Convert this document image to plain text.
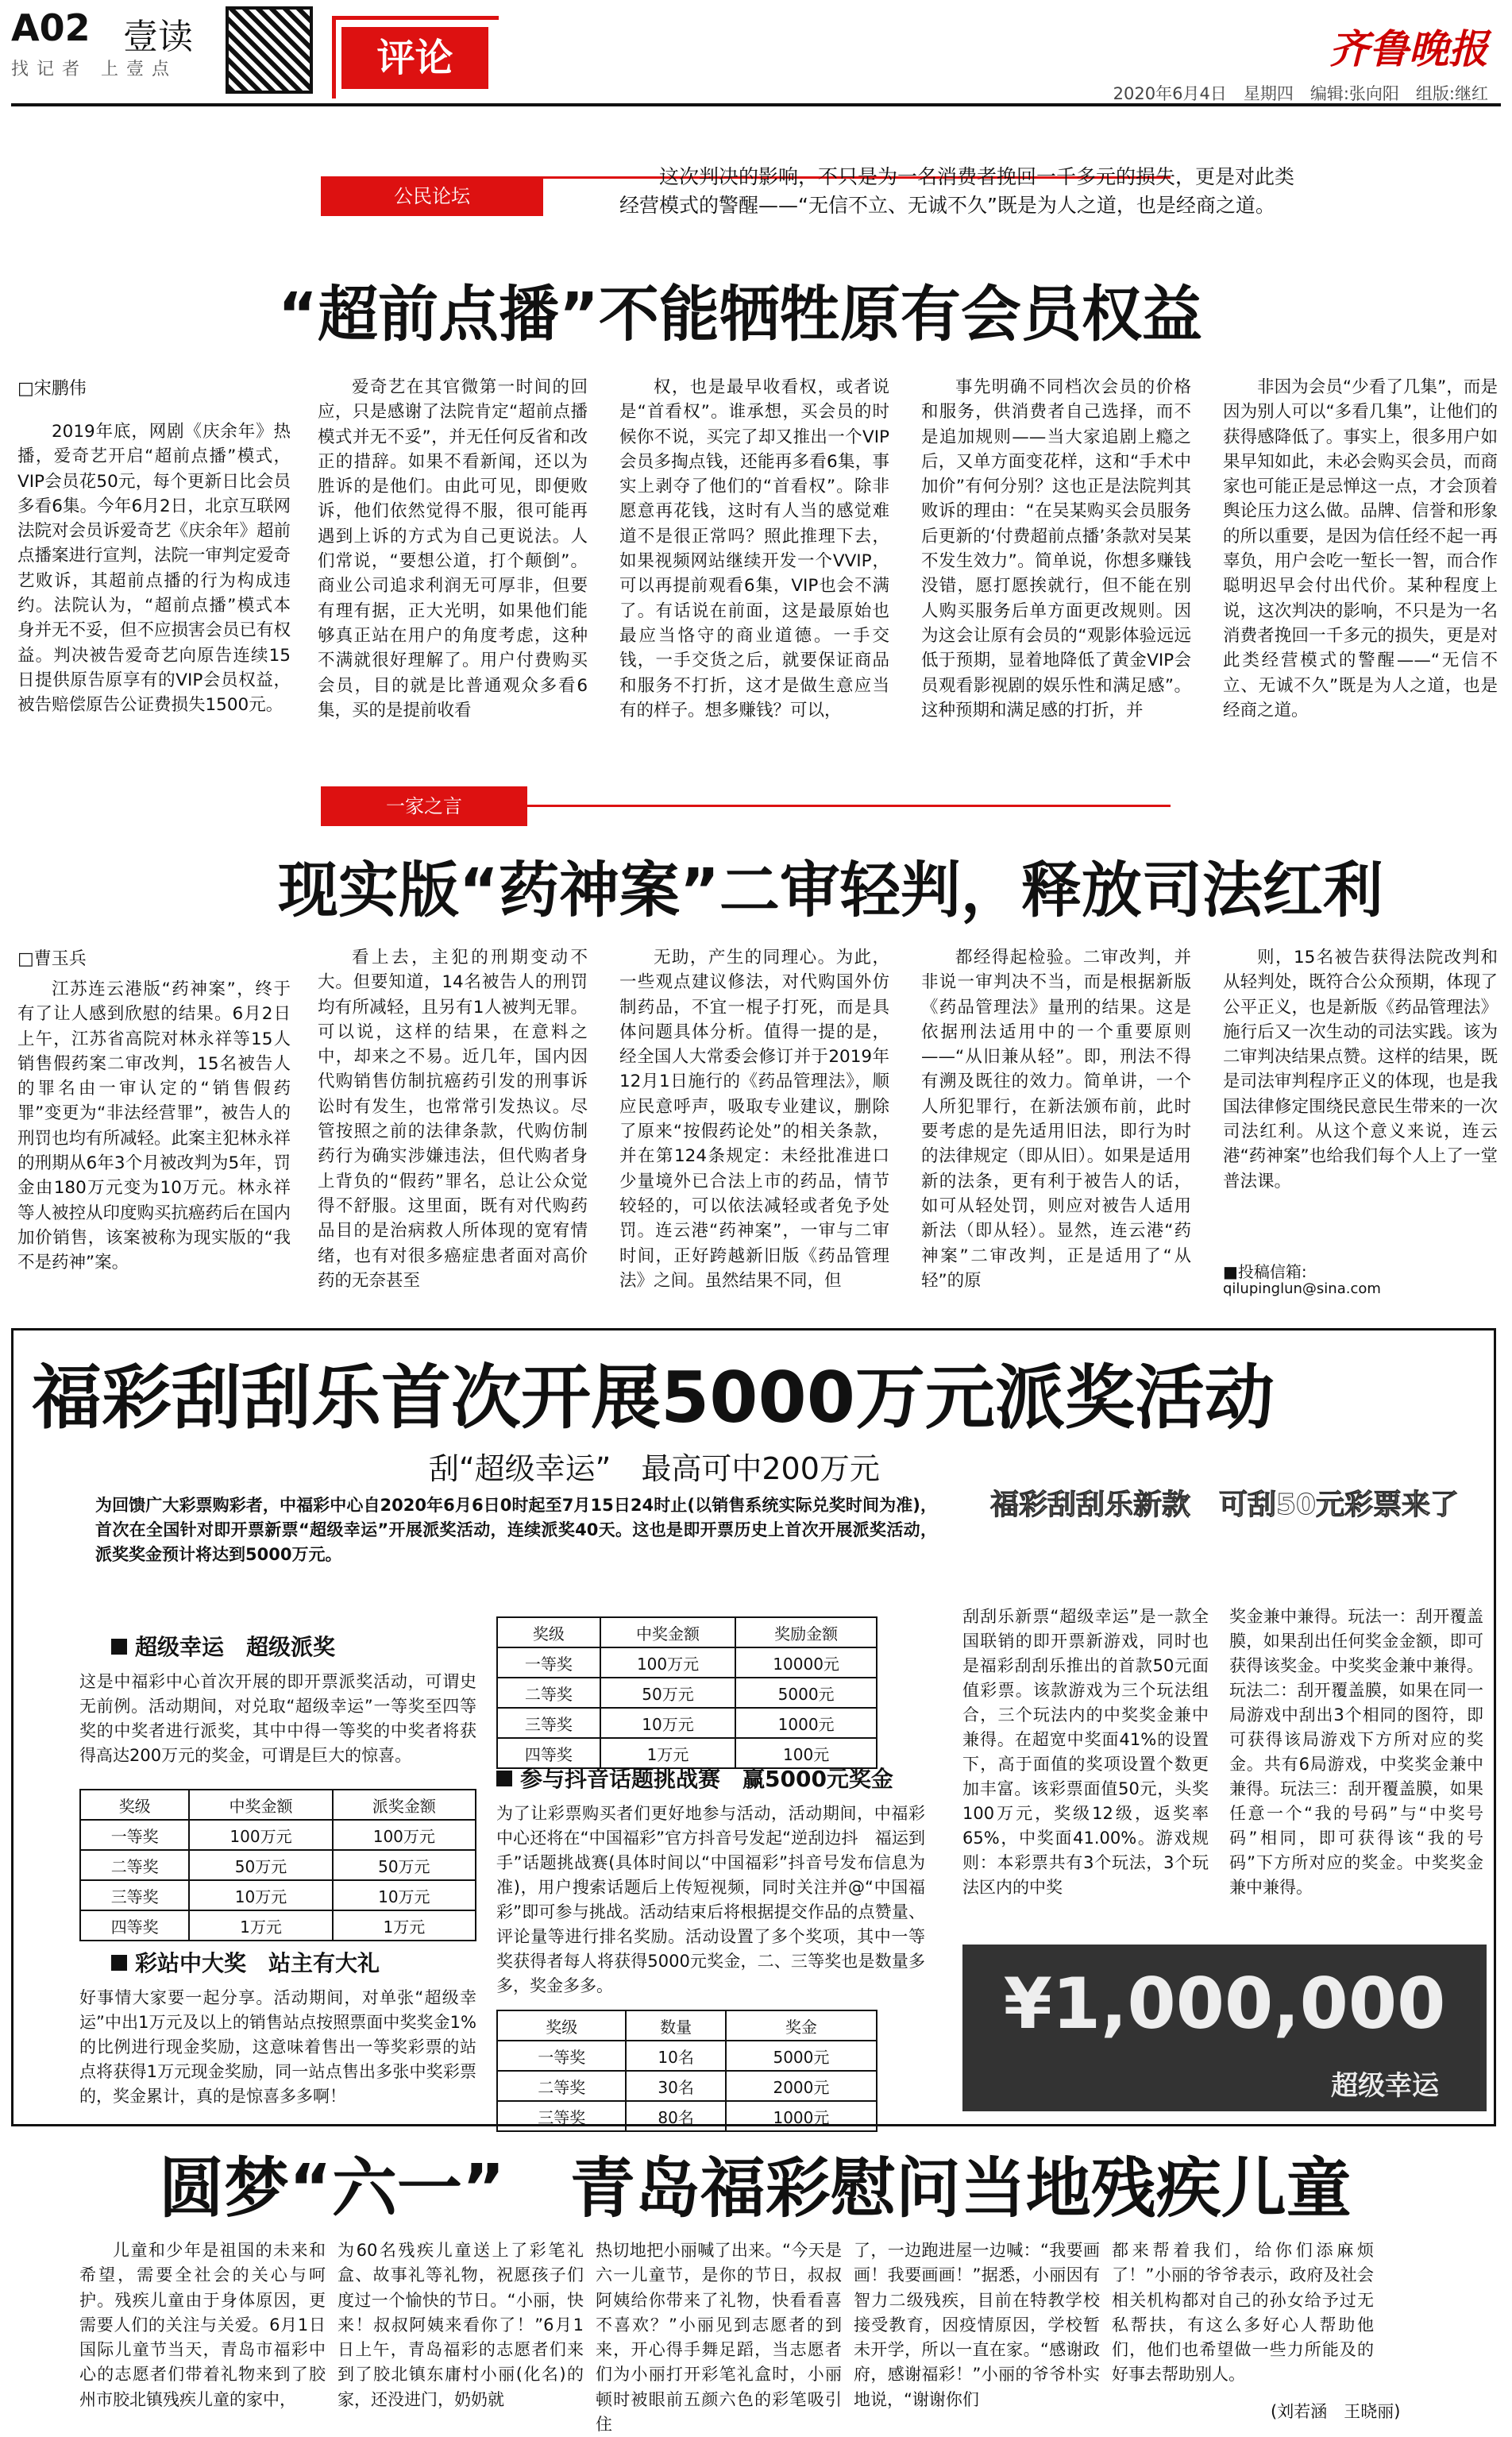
A02 壹读
找记者 上壹点	评论	齐鲁晚报
2020年6月4日　星期四　编辑:张向阳　组版:继红
公民论坛
这次判决的影响，不只是为一名消费者挽回一千多元的损失，更是对此类
经营模式的警醒——“无信不立、无诚不久”既是为人之道，也是经商之道。
“超前点播”不能牺牲原有会员权益
□宋鹏伟

2019年底，网剧《庆余年》热播，爱奇艺开启“超前点播”模式，VIP会员花50元，每个更新日比会员多看6集。今年6月2日，北京互联网法院对会员诉爱奇艺《庆余年》超前点播案进行宣判，法院一审判定爱奇艺败诉，其超前点播的行为构成违约。法院认为，“超前点播”模式本身并无不妥，但不应损害会员已有权益。判决被告爱奇艺向原告连续15日提供原告原享有的VIP会员权益，被告赔偿原告公证费损失1500元。

爱奇艺在其官微第一时间的回应，只是感谢了法院肯定“超前点播模式并无不妥”，并无任何反省和改正的措辞。如果不看新闻，还以为胜诉的是他们。由此可见，即便败诉，他们依然觉得不服，很可能再遇到上诉的方式为自己更说法。人们常说，“要想公道，打个颠倒”。商业公司追求利润无可厚非，但要有理有据，正大光明，如果他们能够真正站在用户的角度考虑，这种不满就很好理解了。用户付费购买会员，目的就是比普通观众多看6集，买的是提前收看

权，也是最早收看权，或者说是“首看权”。谁承想，买会员的时候你不说，买完了却又推出一个VIP会员多掏点钱，还能再多看6集，事实上剥夺了他们的“首看权”。除非愿意再花钱，这时有人当的感觉难道不是很正常吗？照此推理下去，如果视频网站继续开发一个VVIP，可以再提前观看6集，VIP也会不满了。有话说在前面，这是最原始也最应当恪守的商业道德。一手交钱，一手交货之后，就要保证商品和服务不打折，这才是做生意应当有的样子。想多赚钱？可以，

事先明确不同档次会员的价格和服务，供消费者自己选择，而不是追加规则——当大家追剧上瘾之后，又单方面变花样，这和“手术中加价”有何分别？这也正是法院判其败诉的理由：“在吴某购买会员服务后更新的‘付费超前点播’条款对吴某不发生效力”。简单说，你想多赚钱没错，愿打愿挨就行，但不能在别人购买服务后单方面更改规则。因为这会让原有会员的“观影体验远远低于预期，显着地降低了黄金VIP会员观看影视剧的娱乐性和满足感”。这种预期和满足感的打折，并

非因为会员“少看了几集”，而是因为别人可以“多看几集”，让他们的获得感降低了。事实上，很多用户如果早知如此，未必会购买会员，而商家也可能正是忌惮这一点，才会顶着舆论压力这么做。品牌、信誉和形象的所以重要，是因为信任经不起一再辜负，用户会吃一堑长一智，而合作聪明迟早会付出代价。某种程度上说，这次判决的影响，不只是为一名消费者挽回一千多元的损失，更是对此类经营模式的警醒——“无信不立、无诚不久”既是为人之道，也是经商之道。

一家之言
现实版“药神案”二审轻判，释放司法红利
□曹玉兵

江苏连云港版“药神案”，终于有了让人感到欣慰的结果。6月2日上午，江苏省高院对林永祥等15人销售假药案二审改判，15名被告人的罪名由一审认定的“销售假药罪”变更为“非法经营罪”，被告人的刑罚也均有所减轻。此案主犯林永祥的刑期从6年3个月被改判为5年，罚金由180万元变为10万元。林永祥等人被控从印度购买抗癌药后在国内加价销售，该案被称为现实版的“我不是药神”案。

看上去，主犯的刑期变动不大。但要知道，14名被告人的刑罚均有所减轻，且另有1人被判无罪。可以说，这样的结果，在意料之中，却来之不易。近几年，国内因代购销售仿制抗癌药引发的刑事诉讼时有发生，也常常引发热议。尽管按照之前的法律条款，代购仿制药行为确实涉嫌违法，但代购者身上背负的“假药”罪名，总让公众觉得不舒服。这里面，既有对代购药品目的是治病救人所体现的宽宥情绪，也有对很多癌症患者面对高价药的无奈甚至

无助，产生的同理心。为此，一些观点建议修法，对代购国外仿制药品，不宜一棍子打死，而是具体问题具体分析。值得一提的是，经全国人大常委会修订并于2019年12月1日施行的《药品管理法》，顺应民意呼声，吸取专业建议，删除了原来“按假药论处”的相关条款，并在第124条规定：未经批准进口少量境外已合法上市的药品，情节较轻的，可以依法减轻或者免予处罚。连云港“药神案”，一审与二审时间，正好跨越新旧版《药品管理法》之间。虽然结果不同，但

都经得起检验。二审改判，并非说一审判决不当，而是根据新版《药品管理法》量刑的结果。这是依据刑法适用中的一个重要原则——“从旧兼从轻”。即，刑法不得有溯及既往的效力。简单讲，一个人所犯罪行，在新法颁布前，此时要考虑的是先适用旧法，即行为时的法律规定（即从旧）。如果是适用新的法条，更有利于被告人的话，如可从轻处罚，则应对被告人适用新法（即从轻）。显然，连云港“药神案”二审改判，正是适用了“从轻”的原

则，15名被告获得法院改判和从轻判处，既符合公众预期，体现了公平正义，也是新版《药品管理法》施行后又一次生动的司法实践。该为二审判决结果点赞。这样的结果，既是司法审判程序正义的体现，也是我国法律修定围绕民意民生带来的一次司法红利。从这个意义来说，连云港“药神案”也给我们每个人上了一堂普法课。

■投稿信箱:
qilupinglun@sina.com
福彩刮刮乐首次开展5000万元派奖活动
刮“超级幸运”　最高可中200万元
为回馈广大彩票购彩者，中福彩中心自2020年6月6日0时起至7月15日24时止(以销售系统实际兑奖时间为准)，首次在全国针对即开票新票“超级幸运”开展派奖活动，连续派奖40天。这也是即开票历史上首次开展派奖活动，派奖奖金预计将达到5000万元。
超级幸运　超级派奖
这是中福彩中心首次开展的即开票派奖活动，可谓史无前例。活动期间，对兑取“超级幸运”一等奖至四等奖的中奖者进行派奖，其中中得一等奖的中奖者将获得高达200万元的奖金，可谓是巨大的惊喜。
奖级	中奖金额	派奖金额
一等奖	100万元	100万元
二等奖	50万元	50万元
三等奖	10万元	10万元
四等奖	1万元	1万元
彩站中大奖　站主有大礼
好事情大家要一起分享。活动期间，对单张“超级幸运”中出1万元及以上的销售站点按照票面中奖奖金1%的比例进行现金奖励，这意味着售出一等奖彩票的站点将获得1万元现金奖励，同一站点售出多张中奖彩票的，奖金累计，真的是惊喜多多啊！
奖级	中奖金额	奖励金额
一等奖	100万元	10000元
二等奖	50万元	5000元
三等奖	10万元	1000元
四等奖	1万元	100元
参与抖音话题挑战赛　赢5000元奖金
为了让彩票购买者们更好地参与活动，活动期间，中福彩中心还将在“中国福彩”官方抖音号发起“逆刮边抖　福运到手”话题挑战赛(具体时间以“中国福彩”抖音号发布信息为准)，用户搜索话题后上传短视频，同时关注并@“中国福彩”即可参与挑战。活动结束后将根据提交作品的点赞量、评论量等进行排名奖励。活动设置了多个奖项，其中一等奖获得者每人将获得5000元奖金，二、三等奖也是数量多多，奖金多多。
奖级	数量	奖金
一等奖	10名	5000元
二等奖	30名	2000元
三等奖	80名	1000元
福彩刮刮乐新款　可刮50元彩票来了
刮刮乐新票“超级幸运”是一款全国联销的即开票新游戏，同时也是福彩刮刮乐推出的首款50元面值彩票。该款游戏为三个玩法组合，三个玩法内的中奖奖金兼中兼得。在超宽中奖面41%的设置下，高于面值的奖项设置个数更加丰富。该彩票面值50元，头奖100万元，奖级12级，返奖率65%，中奖面41.00%。游戏规则：本彩票共有3个玩法，3个玩法区内的中奖
奖金兼中兼得。玩法一：刮开覆盖膜，如果刮出任何奖金金额，即可获得该奖金。中奖奖金兼中兼得。玩法二：刮开覆盖膜，如果在同一局游戏中刮出3个相同的图符，即可获得该局游戏下方所对应的奖金。共有6局游戏，中奖奖金兼中兼得。玩法三：刮开覆盖膜，如果任意一个“我的号码”与“中奖号码”相同，即可获得该“我的号码”下方所对应的奖金。中奖奖金兼中兼得。
¥1,000,000
超级幸运
圆梦“六一”　青岛福彩慰问当地残疾儿童

儿童和少年是祖国的未来和希望，需要全社会的关心与呵护。残疾儿童由于身体原因，更需要人们的关注与关爱。6月1日国际儿童节当天，青岛市福彩中心的志愿者们带着礼物来到了胶州市胶北镇残疾儿童的家中，

为60名残疾儿童送上了彩笔礼盒、故事礼等礼物，祝愿孩子们度过一个愉快的节日。“小丽，快来！叔叔阿姨来看你了！”6月1日上午，青岛福彩的志愿者们来到了胶北镇东庸村小丽(化名)的家，还没进门，奶奶就

热切地把小丽喊了出来。“今天是六一儿童节，是你的节日，叔叔阿姨给你带来了礼物，快看看喜不喜欢？”小丽见到志愿者的到来，开心得手舞足蹈，当志愿者们为小丽打开彩笔礼盒时，小丽顿时被眼前五颜六色的彩笔吸引住

了，一边跑进屋一边喊：“我要画画！我要画画！”据悉，小丽因有智力二级残疾，目前在特教学校接受教育，因疫情原因，学校暂未开学，所以一直在家。“感谢政府，感谢福彩！”小丽的爷爷朴实地说，“谢谢你们

都来帮着我们，给你们添麻烦了！”小丽的爷爷表示，政府及社会相关机构都对自己的孙女给予过无私帮扶，有这么多好心人帮助他们，他们也希望做一些力所能及的好事去帮助别人。

(刘若涵　王晓丽)
